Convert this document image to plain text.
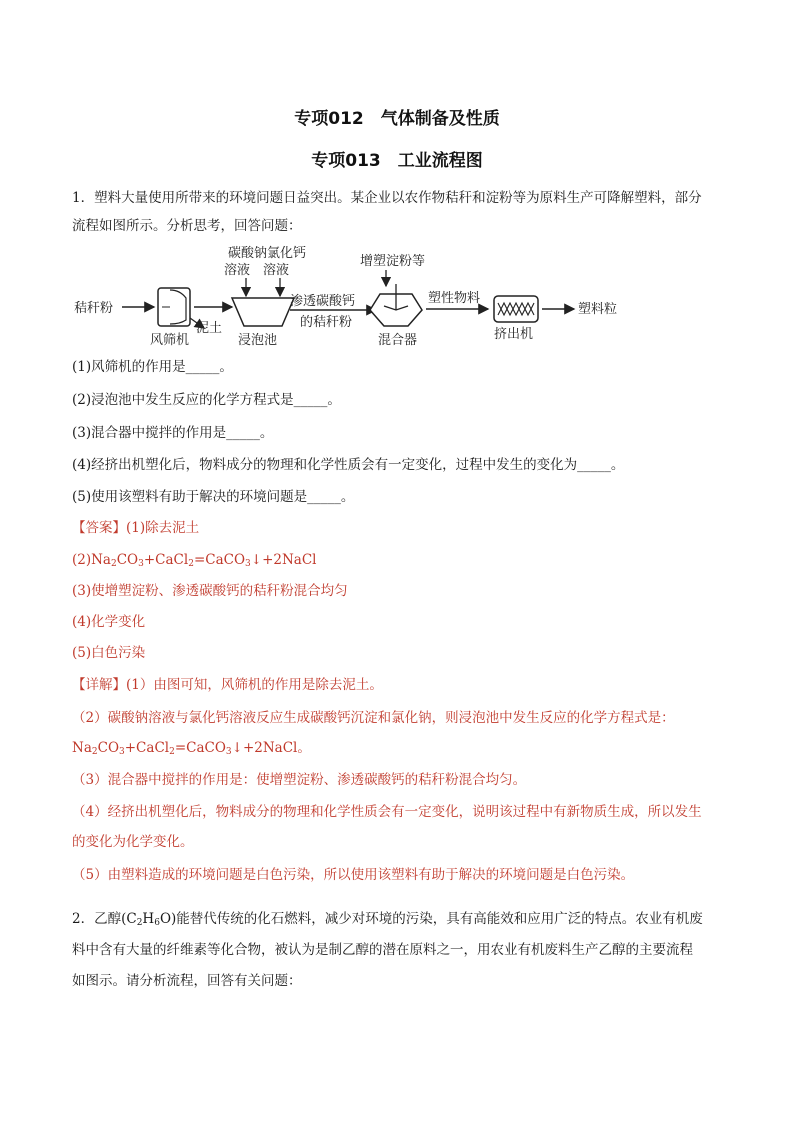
专项012　气体制备及性质
专项013　工业流程图
1．塑料大量使用所带来的环境问题日益突出。某企业以农作物秸秆和淀粉等为原料生产可降解塑料，部分
流程如图所示。分析思考，回答问题：
秸秆粉
风筛机
泥土
碳酸钠氯化钙
溶液　溶液
浸泡池
渗透碳酸钙
的秸秆粉
增塑淀粉等
混合器
塑性物料
挤出机
塑料粒
(1)风筛机的作用是_____。
(2)浸泡池中发生反应的化学方程式是_____。
(3)混合器中搅拌的作用是_____。
(4)经挤出机塑化后，物料成分的物理和化学性质会有一定变化，过程中发生的变化为_____。
(5)使用该塑料有助于解决的环境问题是_____。
【答案】(1)除去泥土
$(2)Na_2CO_3+CaCl_2=CaCO_3↓+2NaCl$
(3)使增塑淀粉、渗透碳酸钙的秸秆粉混合均匀
(4)化学变化
(5)白色污染
【详解】(1）由图可知，风筛机的作用是除去泥土。
（2）碳酸钠溶液与氯化钙溶液反应生成碳酸钙沉淀和氯化钠，则浸泡池中发生反应的化学方程式是：
$Na_2CO_3+CaCl_2=CaCO_3↓+2NaCl$。
（3）混合器中搅拌的作用是：使增塑淀粉、渗透碳酸钙的秸秆粉混合均匀。
（4）经挤出机塑化后，物料成分的物理和化学性质会有一定变化，说明该过程中有新物质生成，所以发生
的变化为化学变化。
（5）由塑料造成的环境问题是白色污染，所以使用该塑料有助于解决的环境问题是白色污染。
2．乙醇$(C_2H_6O)$能替代传统的化石燃料，减少对环境的污染，具有高能效和应用广泛的特点。农业有机废
料中含有大量的纤维素等化合物，被认为是制乙醇的潜在原料之一，用农业有机废料生产乙醇的主要流程
如图示。请分析流程，回答有关问题：
